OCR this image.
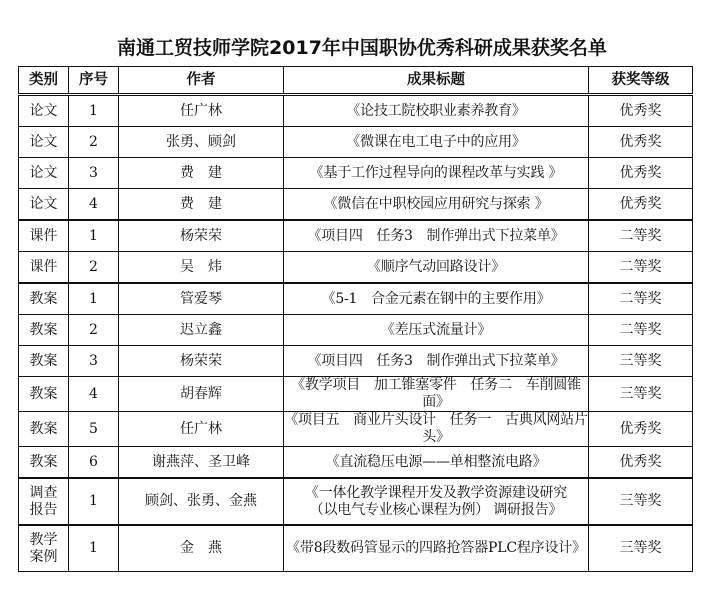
南通工贸技师学院2017年中国职协优秀科研成果获奖名单
类别	序号	作者	成果标题	获奖等级
论文	1	任广林	《论技工院校职业素养教育》	优秀奖
论文	2	张勇、顾剑	《微课在电工电子中的应用》	优秀奖
论文	3	费　建	《基于工作过程导向的课程改革与实践 》	优秀奖
论文	4	费　建	《微信在中职校园应用研究与探索 》	优秀奖
课件	1	杨荣荣	《项目四　任务3　制作弹出式下拉菜单》	二等奖
课件	2	吴　炜	《顺序气动回路设计》	二等奖
教案	1	管爱琴	《5-1　合金元素在钢中的主要作用》	二等奖
教案	2	迟立鑫	《差压式流量计》	二等奖
教案	3	杨荣荣	《项目四　任务3　制作弹出式下拉菜单》	三等奖
教案	4	胡春辉	《教学项目　加工锥塞零件　任务二　车削圆锥面》	三等奖
教案	5	任广林	《项目五　商业片头设计　任务一　古典风网站片头》	优秀奖
教案	6	谢燕萍、圣卫峰	《直流稳压电源——单相整流电路》	优秀奖
调查报告	1	顾剑、张勇、金燕	《一体化教学课程开发及教学资源建设研究 （以电气专业核心课程为例） 调研报告》	三等奖
教学案例	1	金　燕	《带8段数码管显示的四路抢答器PLC程序设计》	三等奖
